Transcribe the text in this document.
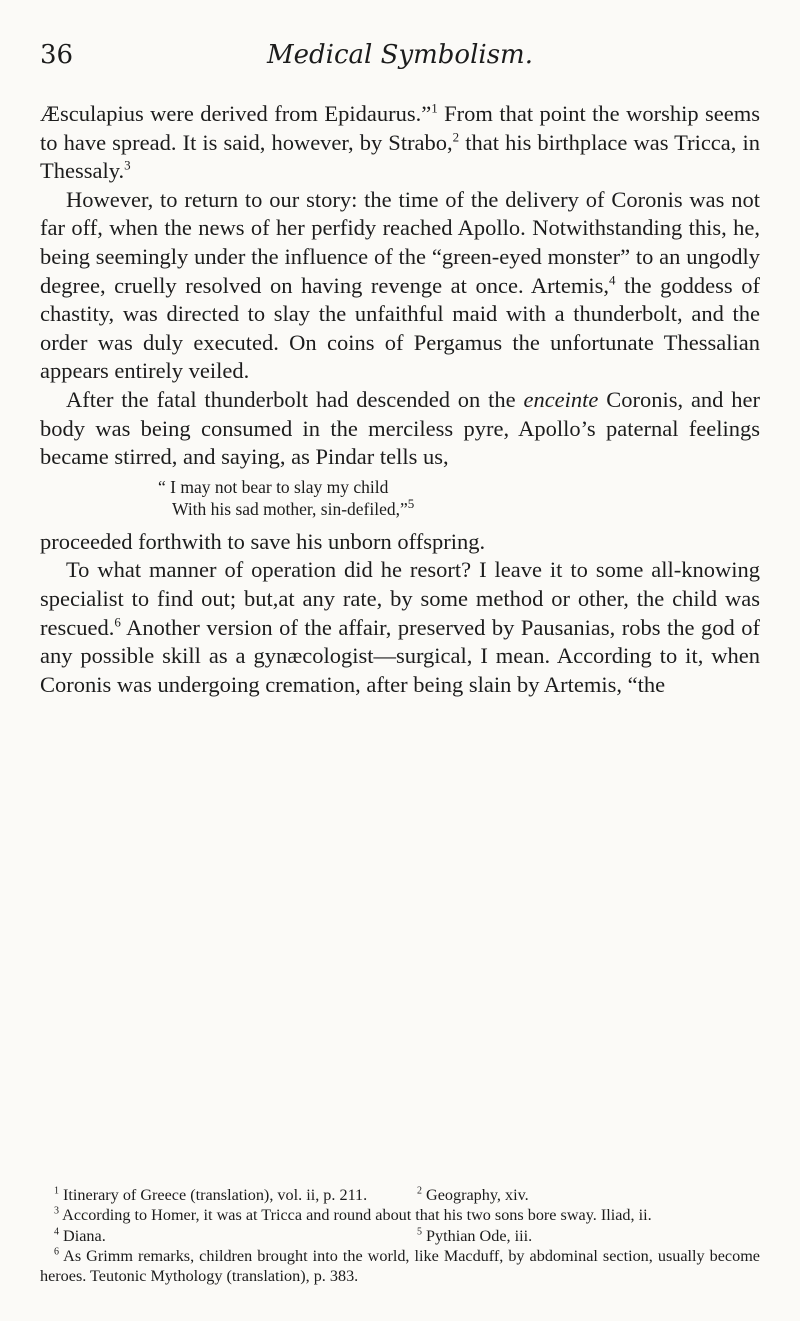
36	Medical Symbolism.

Æsculapius were derived from Epidaurus.”$^1$ From that point the worship seems to have spread. It is said, however, by Strabo,$^2$ that his birthplace was Tricca, in Thessaly.$^3$

However, to return to our story: the time of the delivery of Coronis was not far off, when the news of her perfidy reached Apollo. Notwithstanding this, he, being seemingly under the influence of the “green-eyed monster” to an ungodly degree, cruelly resolved on having revenge at once. Artemis,$^4$ the goddess of chastity, was directed to slay the unfaithful maid with a thunderbolt, and the order was duly executed. On coins of Pergamus the unfortunate Thessalian appears entirely veiled.

After the fatal thunderbolt had descended on the enceinte Coronis, and her body was being consumed in the merciless pyre, Apollo’s paternal feelings became stirred, and saying, as Pindar tells us,

“ I may not bear to slay my child
With his sad mother, sin-defiled,”$^5$

proceeded forthwith to save his unborn offspring.

To what manner of operation did he resort? I leave it to some all-knowing specialist to find out; but,at any rate, by some method or other, the child was rescued.$^6$ Another version of the affair, preserved by Pausanias, robs the god of any possible skill as a gynæcologist—surgical, I mean. According to it, when Coronis was undergoing cremation, after being slain by Artemis, “the

$^1$ Itinerary of Greece (translation), vol. ii, p. 211.	$^2$ Geography, xiv.
$^3$ According to Homer, it was at Tricca and round about that his two sons bore sway. Iliad, ii.
$^4$ Diana.	$^5$ Pythian Ode, iii.
$^6$ As Grimm remarks, children brought into the world, like Macduff, by abdominal section, usually become heroes. Teutonic Mythology (translation), p. 383.
